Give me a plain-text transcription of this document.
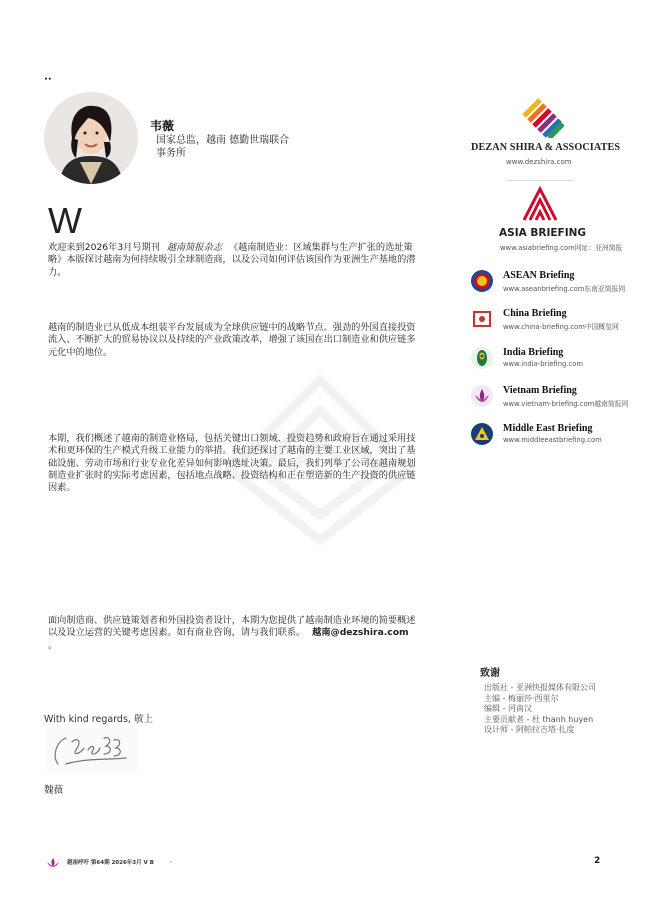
••
韦薇
国家总监，越南 德勤世瑞联合事务所
W
欢迎来到2026年3月号期刊 越南简报杂志 《越南制造业：区域集群与生产扩张的选址策略》本版探讨越南为何持续吸引全球制造商，以及公司如何评估该国作为亚洲生产基地的潜力。
越南的制造业已从低成本组装平台发展成为全球供应链中的战略节点。强劲的外国直接投资流入、不断扩大的贸易协议以及持续的产业政策改革，增强了该国在出口制造业和供应链多元化中的地位。
本期，我们概述了越南的制造业格局，包括关键出口领域、投资趋势和政府旨在通过采用技术和更环保的生产模式升级工业能力的举措。我们还探讨了越南的主要工业区域，突出了基础设施、劳动市场和行业专业化差异如何影响选址决策。最后，我们列举了公司在越南规划制造业扩张时的实际考虑因素，包括地点战略、投资结构和正在塑造新的生产投资的供应链因素。
面向制造商、供应链策划者和外国投资者设计，本期为您提供了越南制造业环境的简要概述以及设立运营的关键考虑因素。如有商业咨询，请与我们联系。 越南@dezshira.com 。
DEZAN SHIRA & ASSOCIATES
www.dezshira.com
ASIA BRIEFING
www.asiabriefing.com网址：亚洲简报
ASEAN Briefing
www.aseanbriefing.com东南亚简报网
China Briefing
www.china-briefing.com中国概览网
India Briefing
www.india-briefing.com
Vietnam Briefing
www.vietnam-briefing.com越南简报网
Middle East Briefing
www.middleeastbriefing.com
致谢
出版社 - 亚洲快报媒体有限公司
主编 - 梅丽莎·西里尔
编辑 - 河南汉
主要贡献者 - 杜 thanh huyen
设计师 - 阿帕拉吉塔·扎度
With kind regards, 敬上
魏薇
越南呼吁 第64期 2026年3月 V B	·	2
